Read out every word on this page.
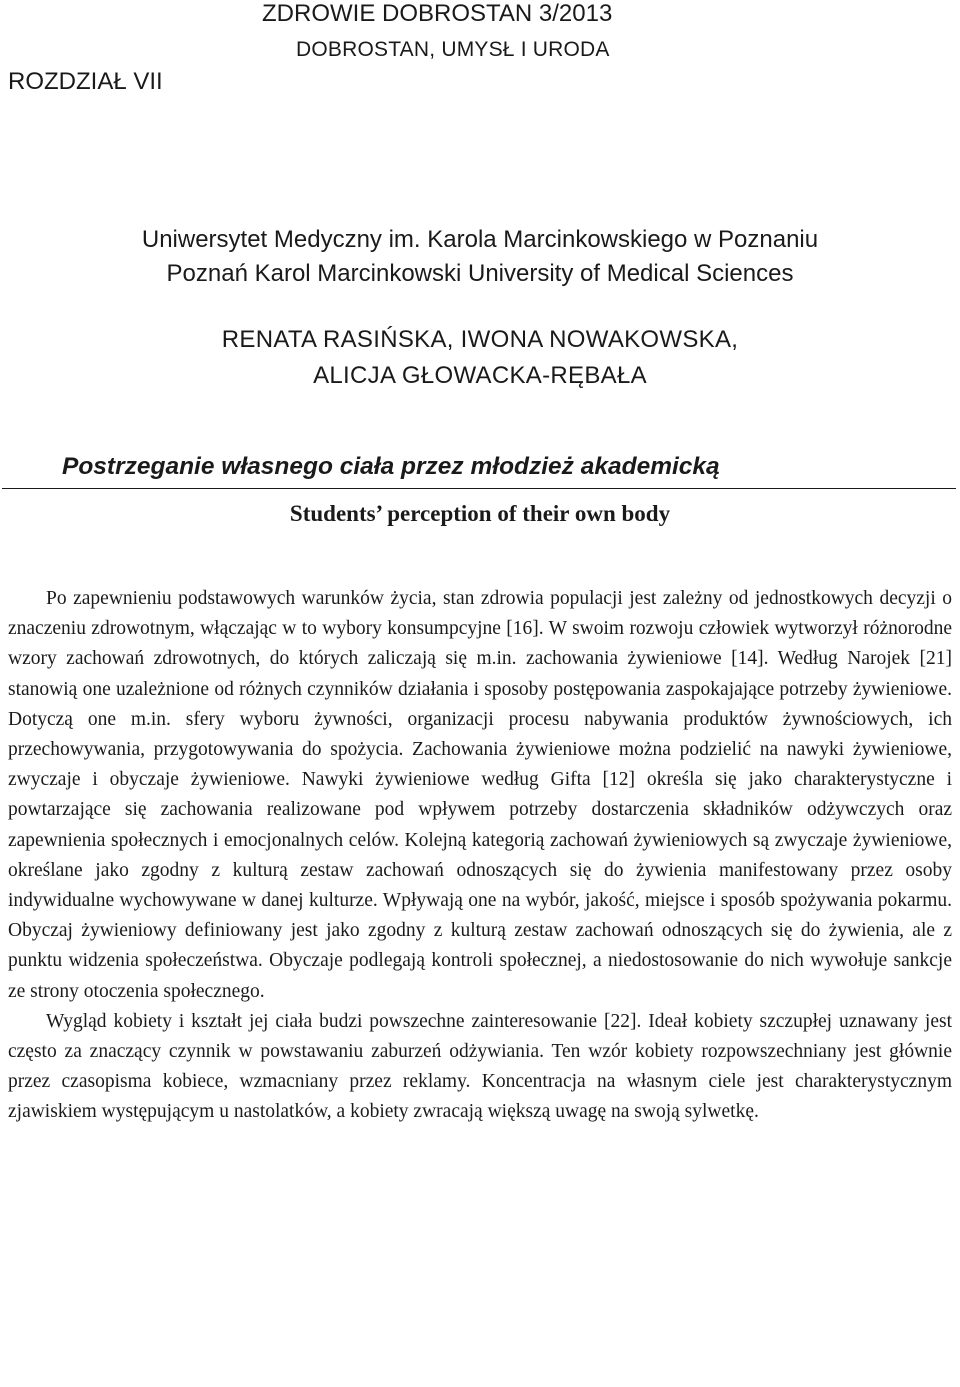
ZDROWIE DOBROSTAN 3/2013
DOBROSTAN, UMYSŁ I URODA
ROZDZIAŁ VII
Uniwersytet Medyczny im. Karola Marcinkowskiego w Poznaniu
Poznań Karol Marcinkowski University of Medical Sciences
RENATA RASIŃSKA, IWONA NOWAKOWSKA,
ALICJA GŁOWACKA-RĘBAŁA
Postrzeganie własnego ciała przez młodzież akademicką
Students’ perception of their own body

Po zapewnieniu podstawowych warunków życia, stan zdrowia populacji jest zależny od jednostkowych decyzji o znaczeniu zdrowotnym, włączając w to wybory konsumpcyjne [16]. W swoim rozwoju człowiek wytworzył różnorodne wzory zachowań zdrowotnych, do których zaliczają się m.in. zachowania żywieniowe [14]. Według Narojek [21] stanowią one uzależnione od różnych czynników działania i sposoby postępowania zaspokajające potrzeby żywieniowe. Dotyczą one m.in. sfery wyboru żywności, organizacji procesu nabywania produktów żywnościowych, ich przechowywania, przygotowywania do spożycia. Zachowania żywieniowe można podzielić na nawyki żywieniowe, zwyczaje i obyczaje żywieniowe. Nawyki żywieniowe według Gifta [12] określa się jako charakterystyczne i powtarzające się zachowania realizowane pod wpływem potrzeby dostarczenia składników odżywczych oraz zapewnienia społecznych i emocjonalnych celów. Kolejną kategorią zachowań żywieniowych są zwyczaje żywieniowe, określane jako zgodny z kulturą zestaw zachowań odnoszących się do żywienia manifestowany przez osoby indywidualne wychowywane w danej kulturze. Wpływają one na wybór, jakość, miejsce i sposób spożywania pokarmu. Obyczaj żywieniowy definiowany jest jako zgodny z kulturą zestaw zachowań odnoszących się do żywienia, ale z punktu widzenia społeczeństwa. Obyczaje podlegają kontroli społecznej, a niedostosowanie do nich wywołuje sankcje ze strony otoczenia społecznego.

Wygląd kobiety i kształt jej ciała budzi powszechne zainteresowanie [22]. Ideał kobiety szczupłej uznawany jest często za znaczący czynnik w powstawaniu zaburzeń odżywiania. Ten wzór kobiety rozpowszechniany jest głównie przez czasopisma kobiece, wzmacniany przez reklamy. Koncentracja na własnym ciele jest charakterystycznym zjawiskiem występującym u nastolatków, a kobiety zwracają większą uwagę na swoją sylwetkę.
